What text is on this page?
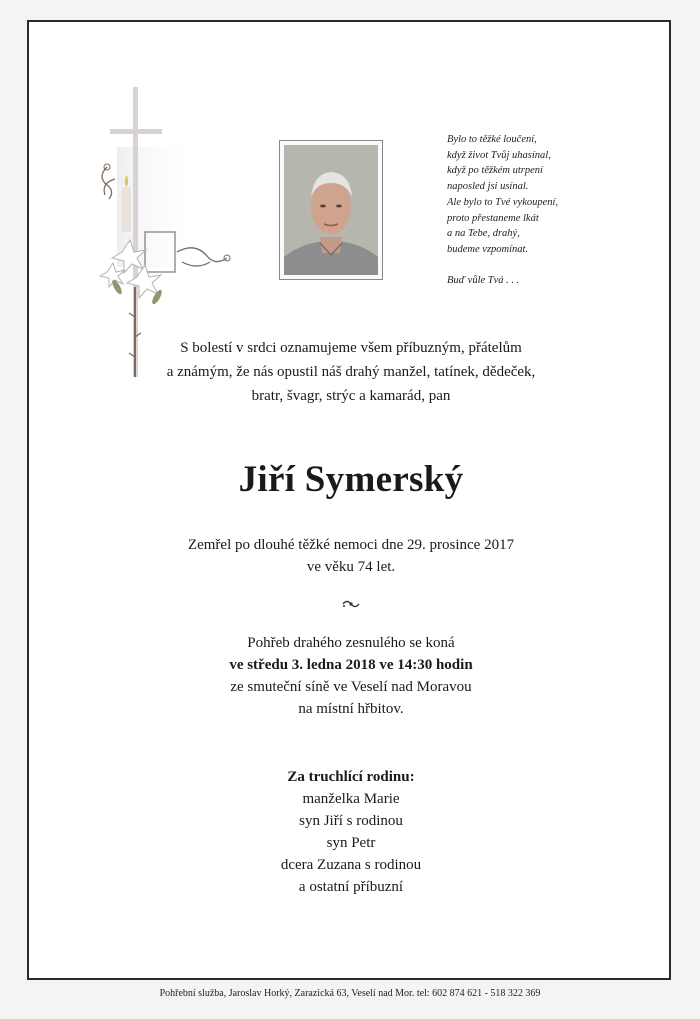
Bylo to těžké loučení,
když život Tvůj uhasínal,
když po těžkém utrpení
naposled jsi usínal.
Ale bylo to Tvé vykoupení,
proto přestaneme lkát
a na Tebe, drahý,
budeme vzpomínat.
Buď vůle Tvá . . .
S bolestí v srdci oznamujeme všem příbuzným, přátelům
a známým, že nás opustil náš drahý manžel, tatínek, dědeček,
bratr, švagr, strýc a kamarád, pan
Jiří Symerský
Zemřel po dlouhé těžké nemoci dne 29. prosince 2017
ve věku 74 let.
Pohřeb drahého zesnulého se koná
ve středu 3. ledna 2018 ve 14:30 hodin
ze smuteční síně ve Veselí nad Moravou
na místní hřbitov.
Za truchlící rodinu:
manželka Marie
syn Jiří s rodinou
syn Petr
dcera Zuzana s rodinou
a ostatní příbuzní
Pohřební služba, Jaroslav Horký, Zarazická 63, Veselí nad Mor. tel: 602 874 621 - 518 322 369
